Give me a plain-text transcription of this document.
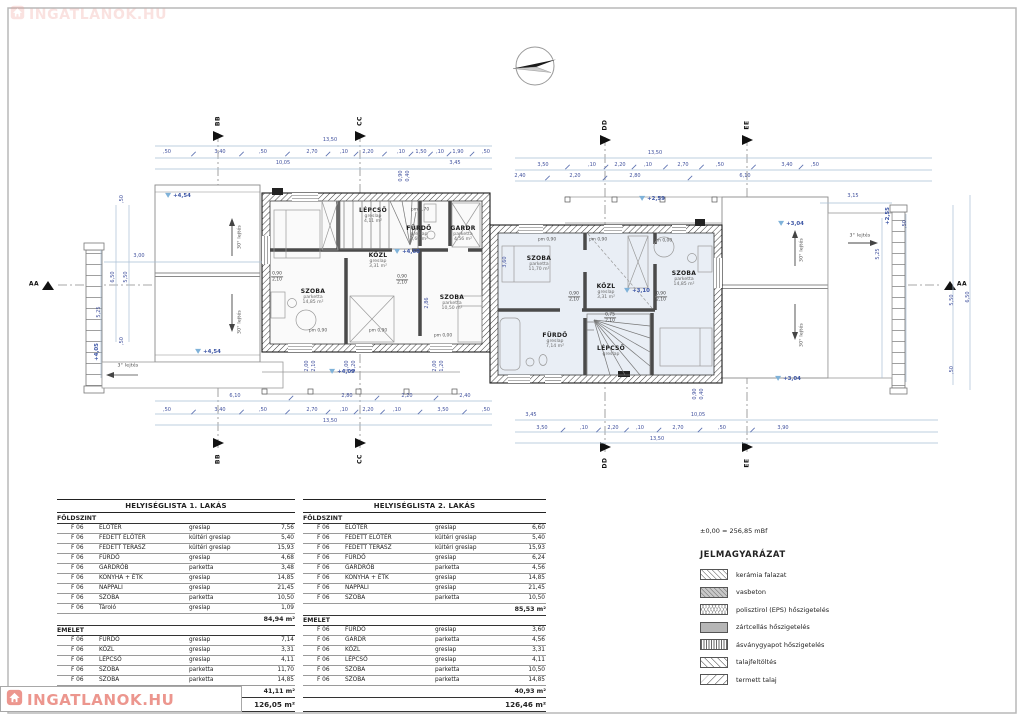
LÉPCSŐ
greslap
4,11 m²
FÜRDŐ
greslap
3,60 m²
GARDR
parketta
4,56 m²
KÖZL
greslap
3,31 m²
SZOBA
parketta
14,85 m²
SZOBA
parketta
10,50 m²
SZOBA
parketta
11,70 m²
SZOBA
parketta
14,85 m²
KÖZL
greslap
3,31 m²
FÜRDŐ
greslap
7,14 m²	LÉPCSŐ
greslap
+4,54
+4,54
+4,05
+4,60
+4,09
+2,59
+3,10
+3,04
+3,04
+2,55
30° lejtés
30° lejtés
30° lejtés
30° lejtés
3° lejtés
3° lejtés
pm 1,70
pm 0,90	pm 0,90
pm 0,00
pm 0,90	pm 0,90	pm 0,00
0,90
2,10
0,90
2,10
0,90
2,10
0,90
2,10
0,75
2,10
13,50
,50	3,40	,50	2,70	,10	2,20	,10 1,50 ,10 1,90	,50
10,05	3,45
13,50
3,50	,10	2,20	,10	2,70	,50	3,40	,50
2,40	2,20	2,80	6,10
6,10	2,80	2,20	2,40
,50	3,40	,50	2,70	,10	2,20	,10	3,50	,50
13,50
3,45	10,05
3,50	,10	2,20	,10	2,70	,50	3,90
13,50
,50
3,00
6,50 5,50
5,25
,50
3,15
5,25
,50
5,50 6,50
,50
2,86
3,60
0,90 0,40
0,90 0,40
2,00 2,10	1,00 1,20	2,00 1,20
BB	CC	DD	EE
BB	CC	DD	EE
AA	AA
HELYISÉGLISTA 1. LAKÁS
FÖLDSZINT
F 06	ELŐTÉR	greslap	7,56
F 06	FEDETT ELŐTÉR	kültéri greslap	5,40
F 06	FEDETT TERASZ	kültéri greslap	15,93
F 06	FÜRDŐ	greslap	4,68
F 06	GARDRÓB	parketta	3,48
F 06	KONYHA + ÉTK	greslap	14,85
F 06	NAPPALI	greslap	21,45
F 06	SZOBA	parketta	10,50
F 06	Tároló	greslap	1,09
84,94 m²
EMELET
F 06	FÜRDŐ	greslap	7,14
F 06	KÖZL	greslap	3,31
F 06	LÉPCSŐ	greslap	4,11
F 06	SZOBA	parketta	11,70
F 06	SZOBA	parketta	14,85
41,11 m²
126,05 m²
HELYISÉGLISTA 2. LAKÁS
FÖLDSZINT
F 06	ELŐTÉR	greslap	6,60
F 06	FEDETT ELŐTÉR	kültéri greslap	5,40
F 06	FEDETT TERASZ	kültéri greslap	15,93
F 06	FÜRDŐ	greslap	6,24
F 06	GARDRÓB	parketta	4,56
F 06	KONYHA + ÉTK	greslap	14,85
F 06	NAPPALI	greslap	21,45
F 06	SZOBA	parketta	10,50
85,53 m²
EMELET
F 06	FÜRDŐ	greslap	3,60
F 06	GARDR	parketta	4,56
F 06	KÖZL	greslap	3,31
F 06	LÉPCSŐ	greslap	4,11
F 06	SZOBA	parketta	10,50
F 06	SZOBA	parketta	14,85
40,93 m²
126,46 m²
±0,00 = 256,85 mBf
JELMAGYARÁZAT
kerámia falazat
vasbeton
polisztirol (EPS) hőszigetelés
zártcellás hőszigetelés
ásványgyapot hőszigetelés
talajfeltöltés
termett talaj
INGATLANOK.HU
INGATLANOK.HU
